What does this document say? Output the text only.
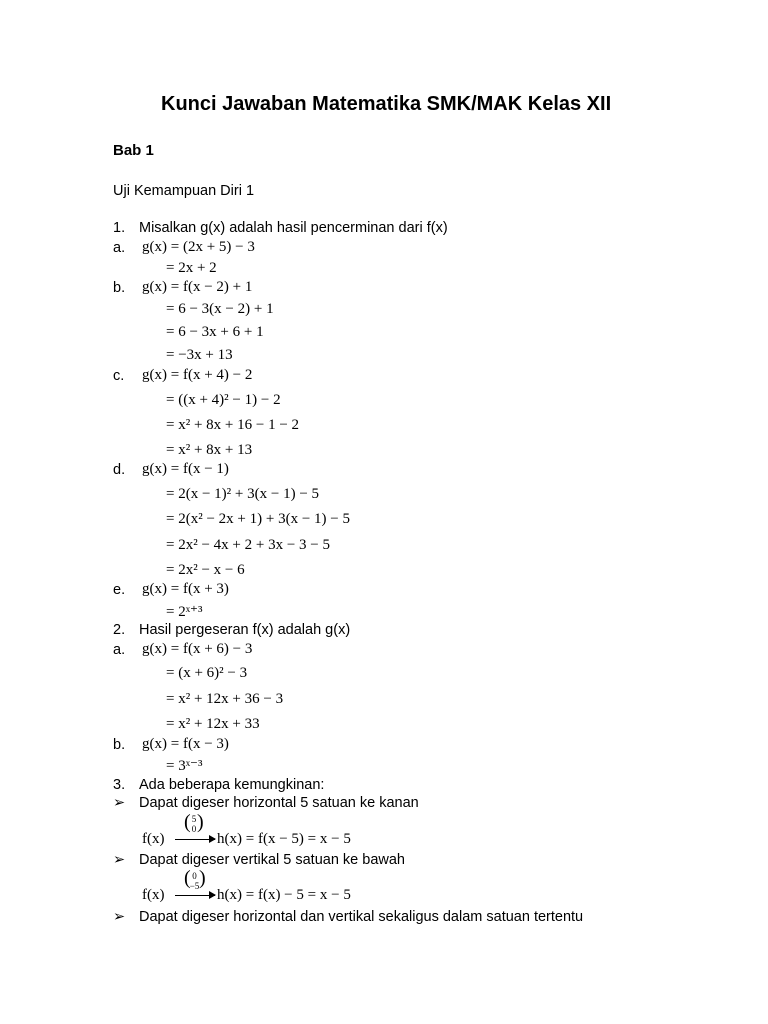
Kunci Jawaban Matematika SMK/MAK Kelas XII
Bab 1
Uji Kemampuan Diri 1
1. Misalkan g(x) adalah hasil pencerminan dari f(x)
a. g(x) = (2x + 5) − 3
= 2x + 2
b. g(x) = f(x − 2) + 1
= 6 − 3(x − 2) + 1
= 6 − 3x + 6 + 1
= −3x + 13
c. g(x) = f(x + 4) − 2
= ((x + 4)² − 1) − 2
= x² + 8x + 16 − 1 − 2
= x² + 8x + 13
d. g(x) = f(x − 1)
= 2(x − 1)² + 3(x − 1) − 5
= 2(x² − 2x + 1) + 3(x − 1) − 5
= 2x² − 4x + 2 + 3x − 3 − 5
= 2x² − x − 6
e. g(x) = f(x + 3)
= 2ˣ⁺³
2. Hasil pergeseran f(x) adalah g(x)
a. g(x) = f(x + 6) − 3
= (x + 6)² − 3
= x² + 12x + 36 − 3
= x² + 12x + 33
b. g(x) = f(x − 3)
= 3ˣ⁻³
3. Ada beberapa kemungkinan:
➢ Dapat digeser horizontal 5 satuan ke kanan
f(x)
( 5
0 )
h(x) = f(x − 5) = x − 5
➢ Dapat digeser vertikal 5 satuan ke bawah
f(x)
( 0
−5 )
h(x) = f(x) − 5 = x − 5
➢ Dapat digeser horizontal dan vertikal sekaligus dalam satuan tertentu
